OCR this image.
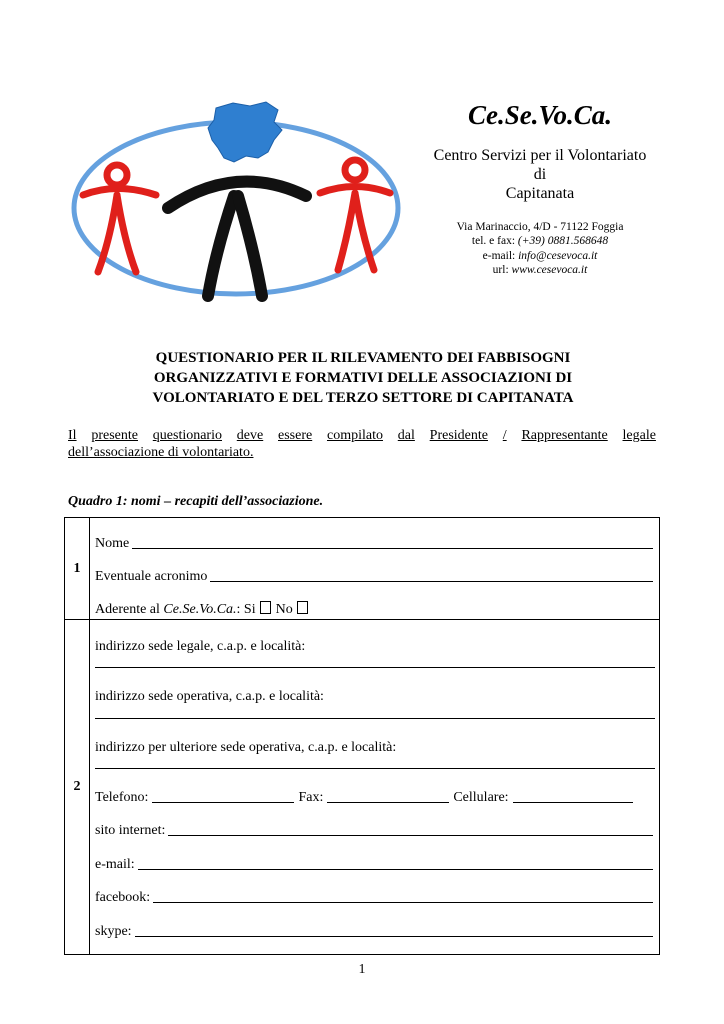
Ce.Se.Vo.Ca.
Centro Servizi per il Volontariato
di
Capitanata
Via Marinaccio, 4/D - 71122 Foggia
tel. e fax: (+39) 0881.568648
e-mail: info@cesevoca.it
url: www.cesevoca.it
QUESTIONARIO PER IL RILEVAMENTO DEI FABBISOGNI
ORGANIZZATIVI E FORMATIVI DELLE ASSOCIAZIONI DI
VOLONTARIATO E DEL TERZO SETTORE DI CAPITANATA
Il presente questionario deve essere compilato dal Presidente / Rappresentante legale
dell’associazione di volontariato.
Quadro 1: nomi – recapiti dell’associazione.
1
2
Nome
Eventuale acronimo
Aderente al Ce.Se.Vo.Ca.: Si No
indirizzo sede legale, c.a.p. e località:
indirizzo sede operativa, c.a.p. e località:
indirizzo per ulteriore sede operativa, c.a.p. e località:
Telefono:	Fax:	Cellulare:
sito internet:
e-mail:
facebook:
skype:
1
